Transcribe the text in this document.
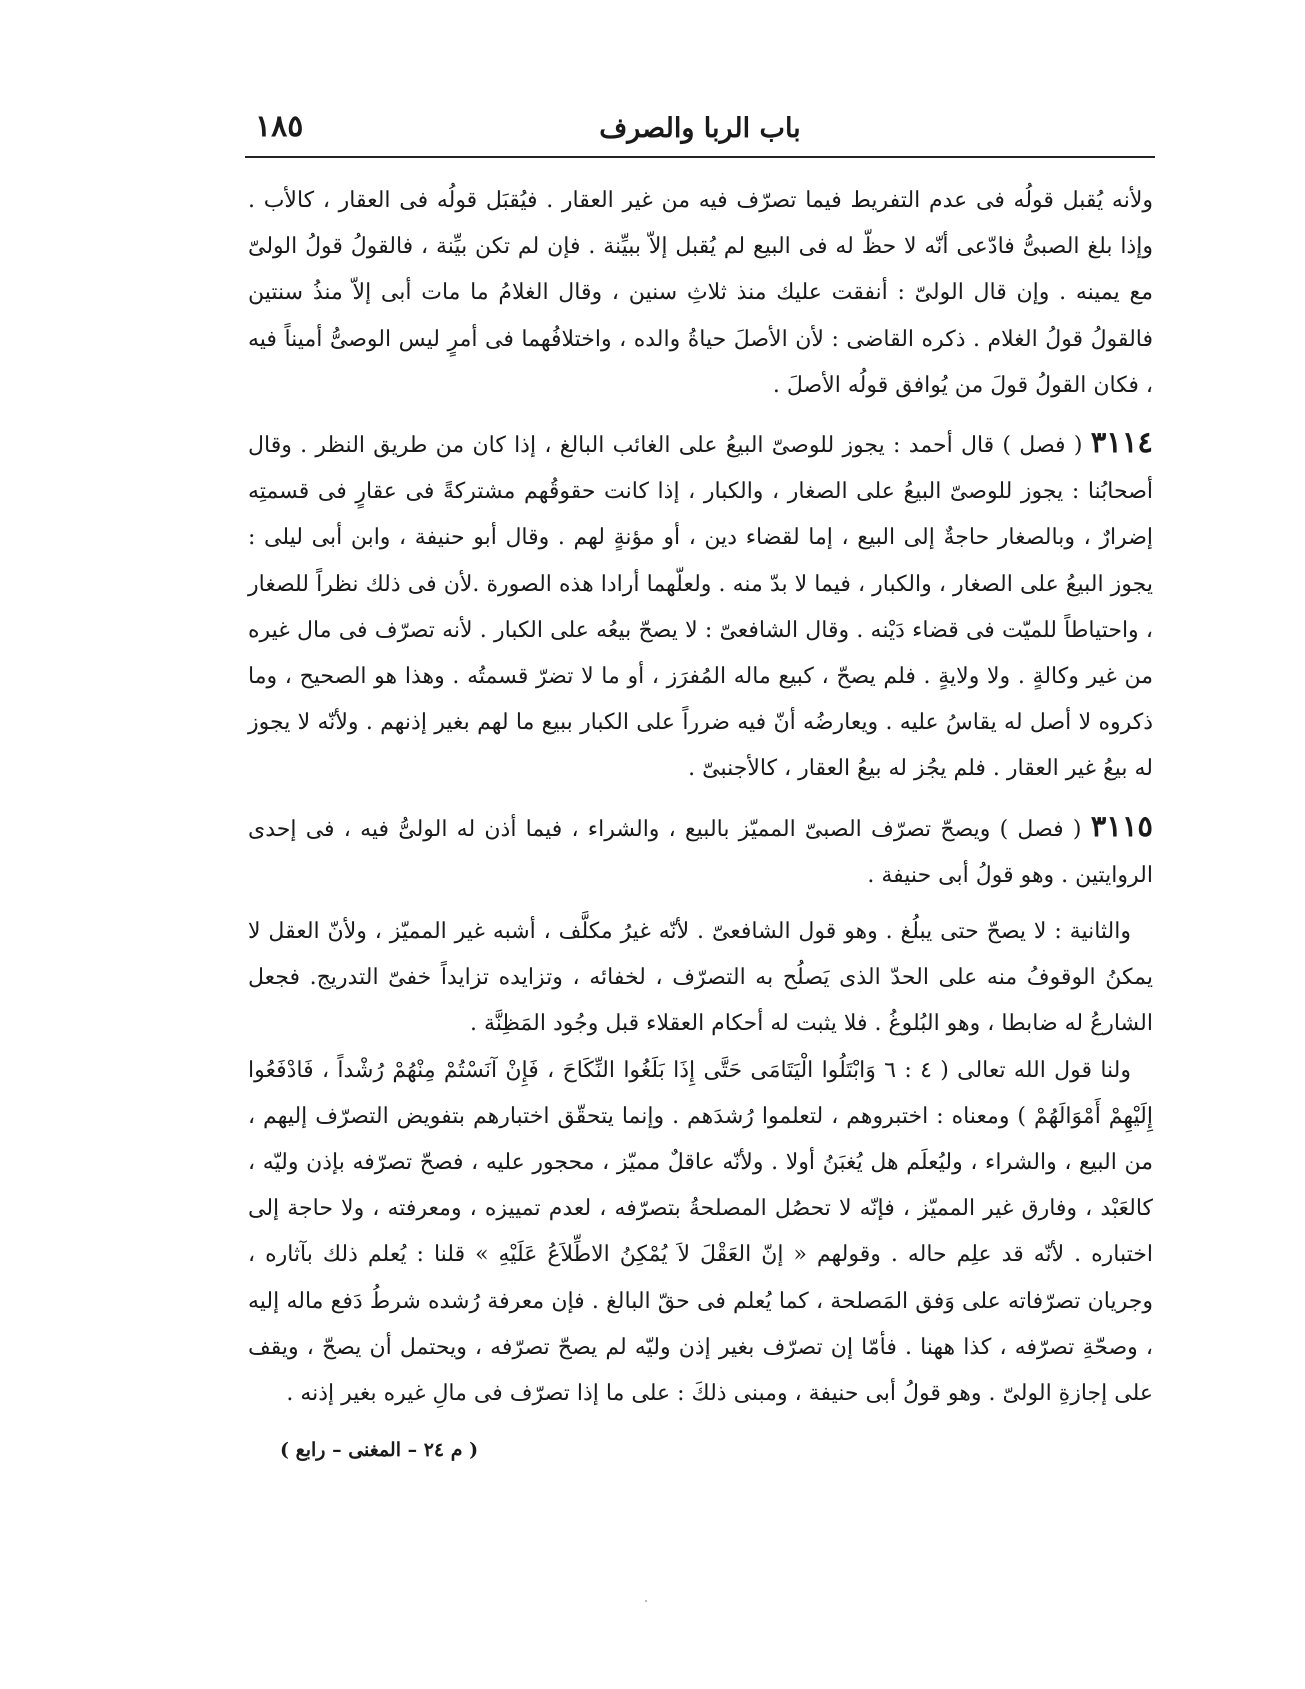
باب الربا والصرف
١٨٥

ولأنه يُقبل قولُه فى عدم التفريط فيما تصرّف فيه من غير العقار . فيُقبَل قولُه فى العقار ، كالأب . وإذا بلغ الصبىُّ فادّعى أنّه لا حظّ له فى البيع لم يُقبل إلاّ ببيِّنة . فإن لم تكن بيِّنة ، فالقولُ قولُ الولىّ مع يمينه . وإن قال الولىّ : أنفقت عليك منذ ثلاثِ سنين ، وقال الغلامُ ما مات أبى إلاّ منذُ سنتين فالقولُ قولُ الغلام . ذكره القاضى : لأن الأصلَ حياةُ والده ، واختلافُهما فى أمرٍ ليس الوصىُّ أميناً فيه ، فكان القولُ قولَ من يُوافق قولُه الأصلَ .

٣١١٤ ( فصل ) قال أحمد : يجوز للوصىّ البيعُ على الغائب البالغ ، إذا كان من طريق النظر . وقال أصحابُنا : يجوز للوصىّ البيعُ على الصغار ، والكبار ، إذا كانت حقوقُهم مشتركةً فى عقارٍ فى قسمتِه إضرارٌ ، وبالصغار حاجةٌ إلى البيع ، إما لقضاء دين ، أو مؤنةٍ لهم . وقال أبو حنيفة ، وابن أبى ليلى : يجوز البيعُ على الصغار ، والكبار ، فيما لا بدّ منه . ولعلّهما أرادا هذه الصورة .لأن فى ذلك نظراً للصغار ، واحتياطاً للميّت فى قضاء دَيْنه . وقال الشافعىّ : لا يصحّ بيعُه على الكبار . لأنه تصرّف فى مال غيره من غير وكالةٍ . ولا ولايةٍ . فلم يصحّ ، كبيع ماله المُفرَز ، أو ما لا تضرّ قسمتُه . وهذا هو الصحيح ، وما ذكروه لا أصل له يقاسُ عليه . ويعارضُه أنّ فيه ضرراً على الكبار ببيع ما لهم بغير إذنهم . ولأنّه لا يجوز له بيعُ غير العقار . فلم يجُز له بيعُ العقار ، كالأجنبىّ .

٣١١٥ ( فصل ) ويصحّ تصرّف الصبىّ المميّز بالبيع ، والشراء ، فيما أذن له الولىُّ فيه ، فى إحدى الروايتين . وهو قولُ أبى حنيفة .

والثانية : لا يصحّ حتى يبلُغ . وهو قول الشافعىّ . لأنّه غيرُ مكلَّف ، أشبه غير المميّز ، ولأنّ العقل لا يمكنُ الوقوفُ منه على الحدّ الذى يَصلُح به التصرّف ، لخفائه ، وتزايده تزايداً خفىّ التدريج. فجعل الشارعُ له ضابطا ، وهو البُلوغُ . فلا يثبت له أحكام العقلاء قبل وجُود المَظِنَّة .

ولنا قول الله تعالى ( ٤ : ٦ وَابْتَلُوا الْيَتَامَى حَتَّى إِذَا بَلَغُوا النِّكَاحَ ، فَإِنْ آنَسْتُمْ مِنْهُمْ رُشْداً ، فَادْفَعُوا إِلَيْهِمْ أَمْوَالَهُمْ ) ومعناه : اختبروهم ، لتعلموا رُشدَهم . وإنما يتحقّق اختبارهم بتفويض التصرّف إليهم ، من البيع ، والشراء ، وليُعلَم هل يُغبَنُ أولا . ولأنّه عاقلٌ مميّز ، محجور عليه ، فصحّ تصرّفه بإذن وليّه ، كالعَبْد ، وفارق غير المميّز ، فإنّه لا تحصُل المصلحةُ بتصرّفه ، لعدم تمييزه ، ومعرفته ، ولا حاجة إلى اختباره . لأنّه قد علِم حاله . وقولهم « إنّ العَقْلَ لاَ يُمْكِنُ الاطِّلاَعُ عَلَيْهِ » قلنا : يُعلم ذلك بآثاره ، وجريان تصرّفاته على وَفق المَصلحة ، كما يُعلم فى حقّ البالغ . فإن معرفة رُشده شرطُ دَفع ماله إليه ، وصحّةِ تصرّفه ، كذا ههنا . فأمّا إن تصرّف بغير إذن وليّه لم يصحّ تصرّفه ، ويحتمل أن يصحّ ، ويقف على إجازةِ الولىّ . وهو قولُ أبى حنيفة ، ومبنى ذلكَ : على ما إذا تصرّف فى مالِ غيره بغير إذنه .

( م ٢٤ – المغنى – رابع )
